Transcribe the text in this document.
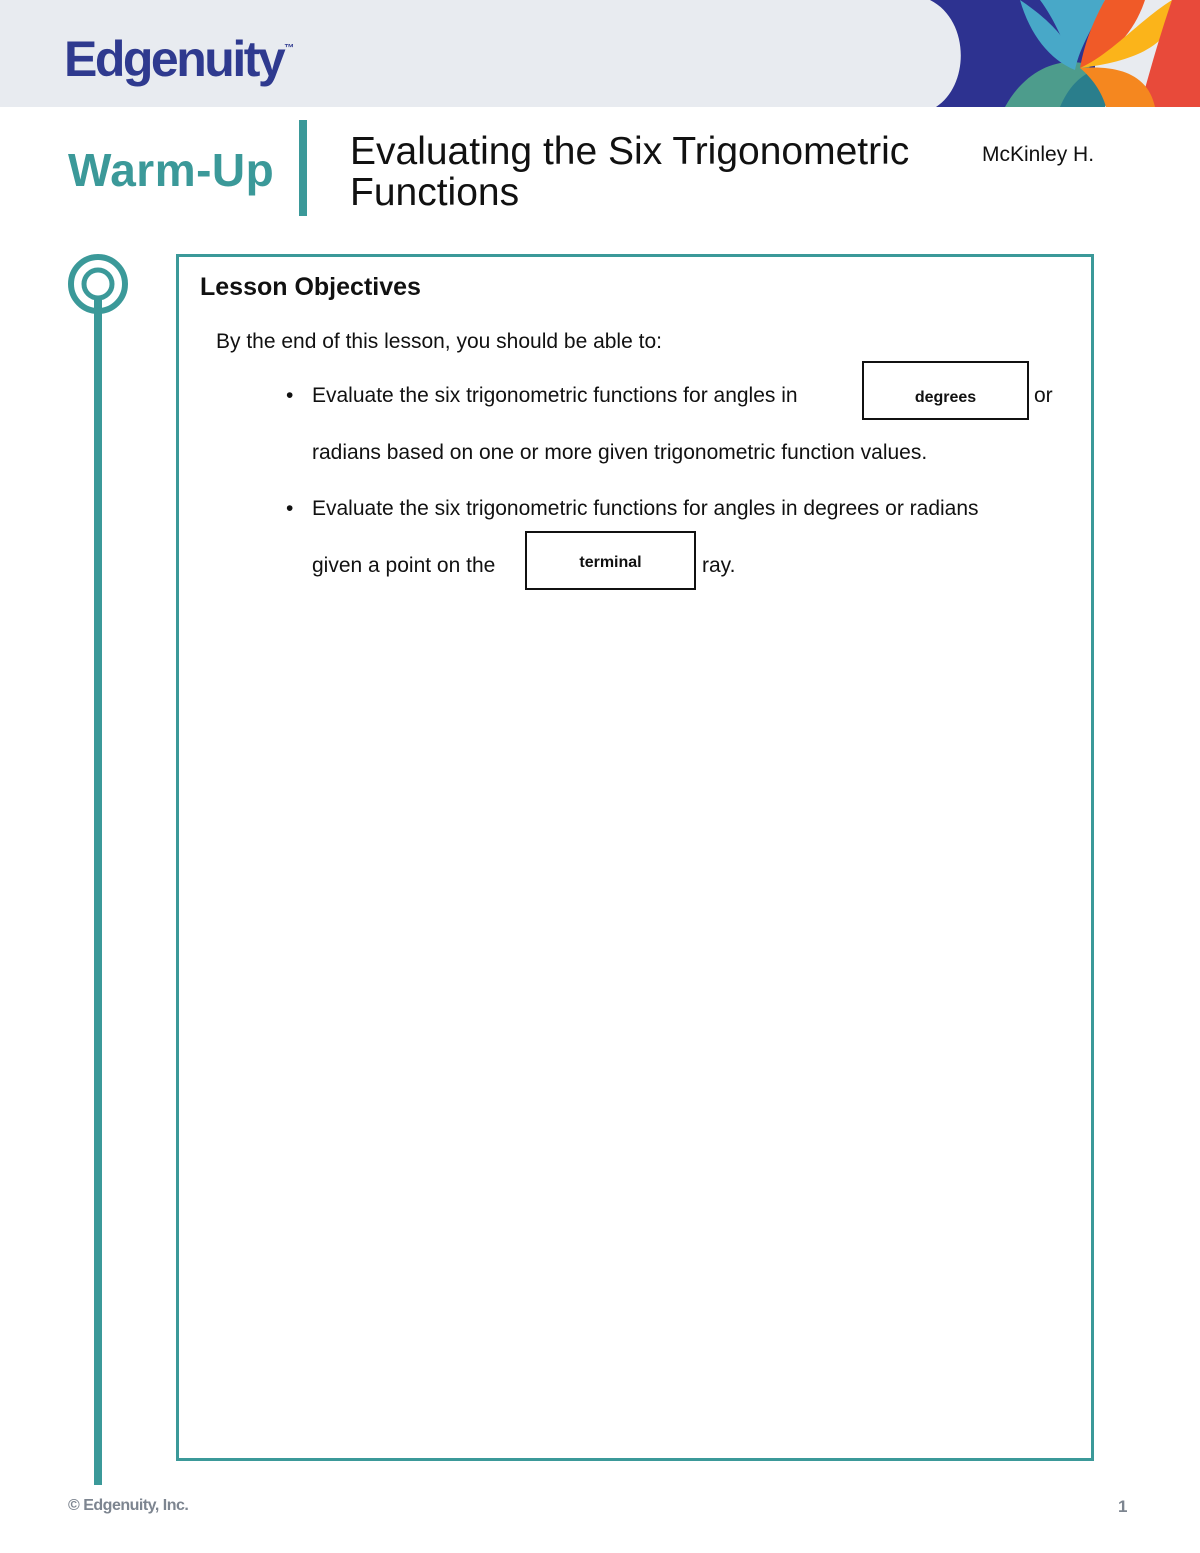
Edgenuity™
Warm-Up Evaluating the Six Trigonometric
Functions
McKinley H.
Lesson Objectives
By the end of this lesson, you should be able to:
• Evaluate the six trigonometric functions for angles in	degrees	or
radians based on one or more given trigonometric function values.
• Evaluate the six trigonometric functions for angles in degrees or radians
given a point on the	terminal	ray.
© Edgenuity, Inc.	1
